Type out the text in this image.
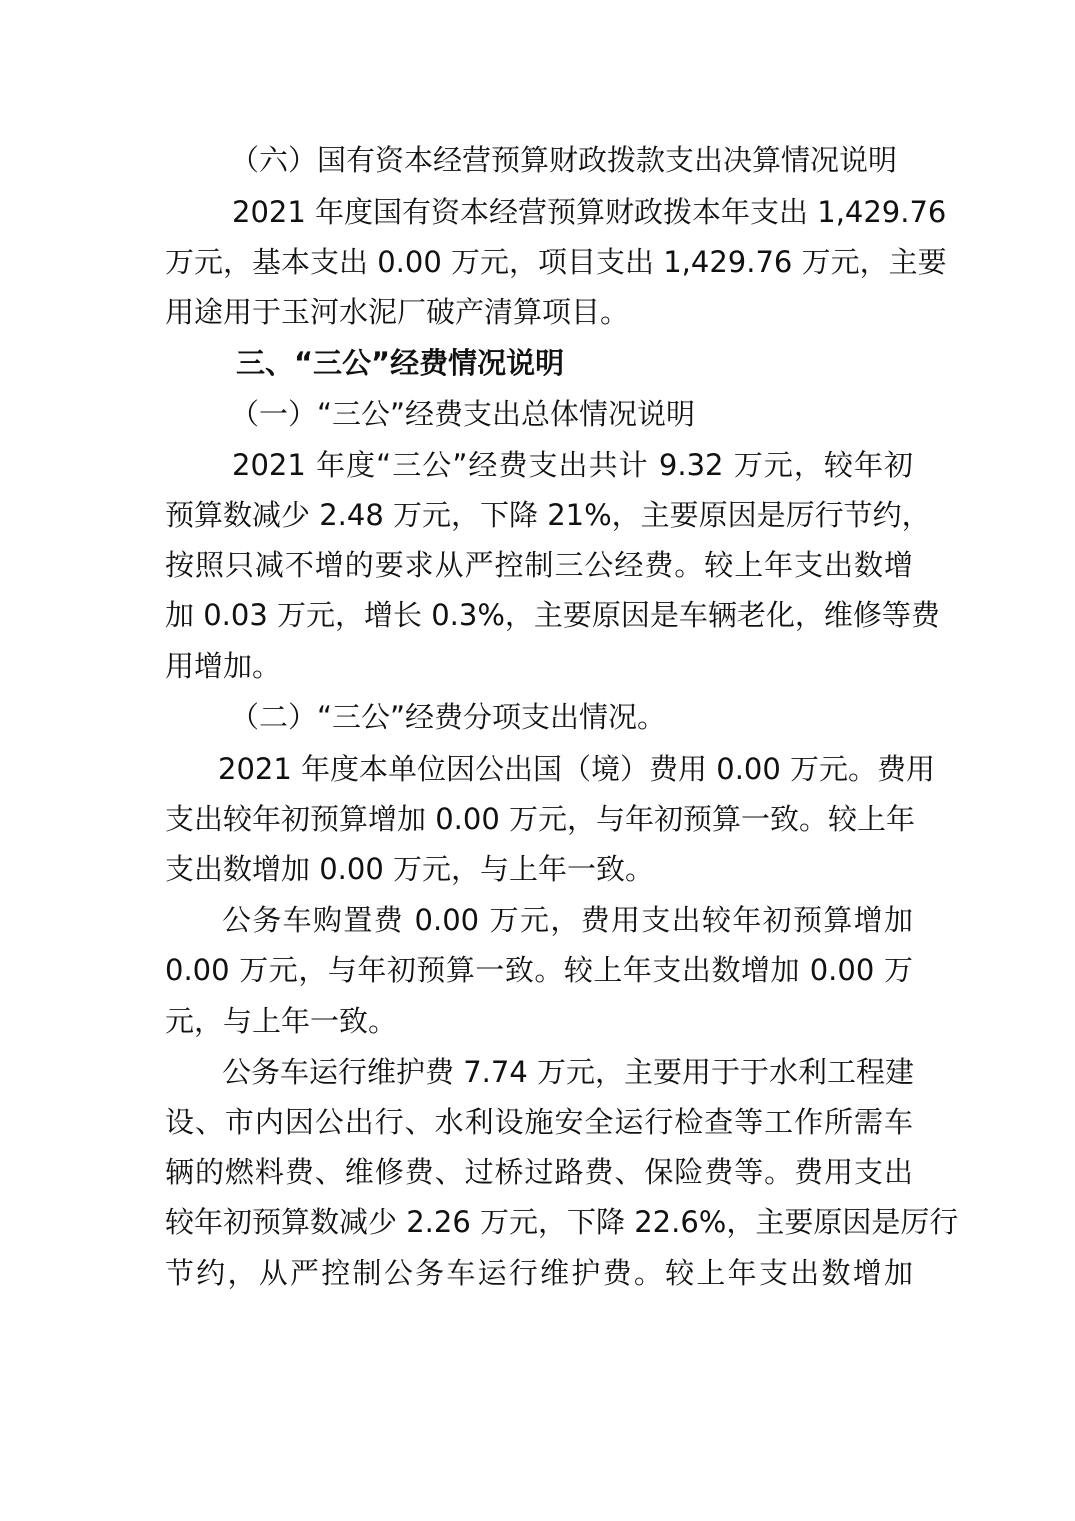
（六）国有资本经营预算财政拨款支出决算情况说明
2021 年度国有资本经营预算财政拨本年支出 1,429.76
万元，基本支出 0.00 万元，项目支出 1,429.76 万元，主要
用途用于玉河水泥厂破产清算项目。
三、“三公”经费情况说明
（一）“三公”经费支出总体情况说明
2021 年度“三公”经费支出共计 9.32 万元，较年初
预算数减少 2.48 万元，下降 21%，主要原因是厉行节约，
按照只减不增的要求从严控制三公经费。较上年支出数增
加 0.03 万元，增长 0.3%，主要原因是车辆老化，维修等费
用增加。
（二）“三公”经费分项支出情况。
2021 年度本单位因公出国（境）费用 0.00 万元。费用
支出较年初预算增加 0.00 万元，与年初预算一致。较上年
支出数增加 0.00 万元，与上年一致。
公务车购置费 0.00 万元，费用支出较年初预算增加
0.00 万元，与年初预算一致。较上年支出数增加 0.00 万
元，与上年一致。
公务车运行维护费 7.74 万元，主要用于于水利工程建
设、市内因公出行、水利设施安全运行检查等工作所需车
辆的燃料费、维修费、过桥过路费、保险费等。费用支出
较年初预算数减少 2.26 万元，下降 22.6%，主要原因是厉行
节约，从严控制公务车运行维护费。较上年支出数增加
